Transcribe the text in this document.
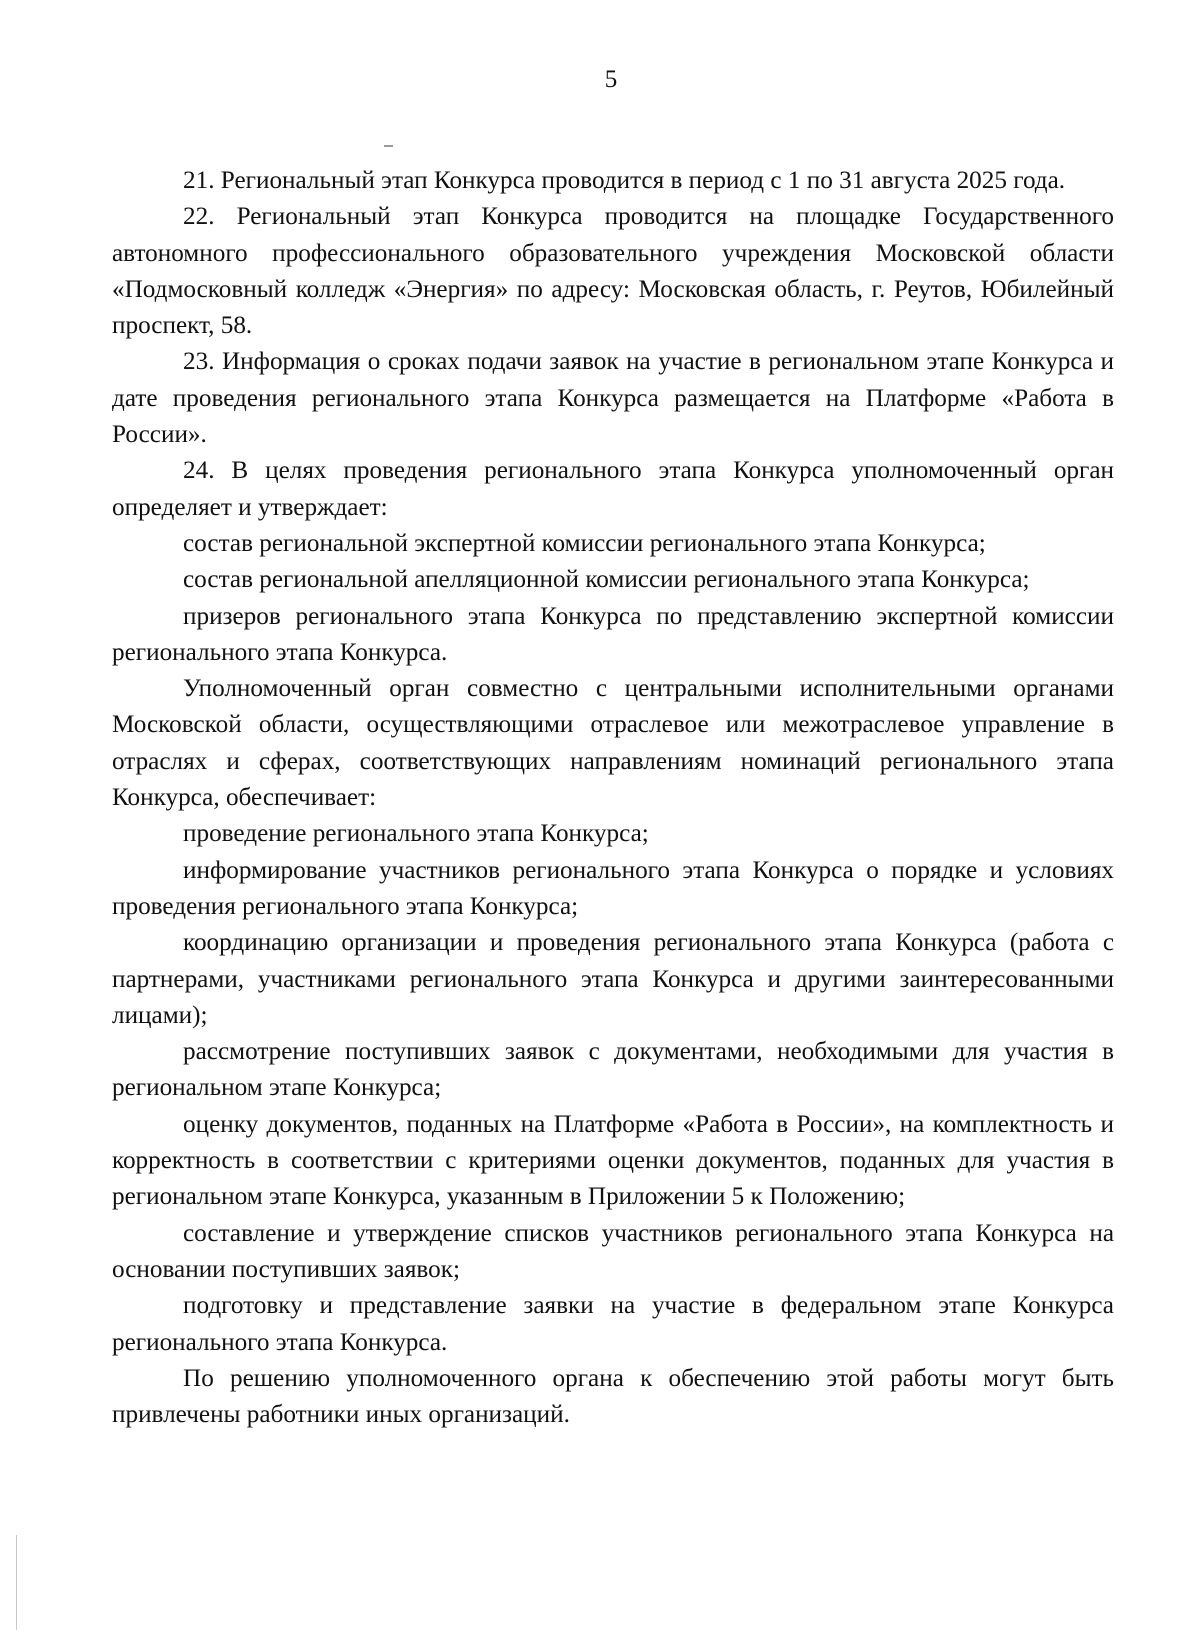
5

21. Региональный этап Конкурса проводится в период с 1 по 31 августа 2025 года.

22. Региональный этап Конкурса проводится на площадке Государственного автономного профессионального образовательного учреждения Московской области «Подмосковный колледж «Энергия» по адресу: Московская область, г. Реутов, Юбилейный проспект, 58.

23. Информация о сроках подачи заявок на участие в региональном этапе Конкурса и дате проведения регионального этапа Конкурса размещается на Платформе «Работа в России».

24. В целях проведения регионального этапа Конкурса уполномоченный орган определяет и утверждает:

состав региональной экспертной комиссии регионального этапа Конкурса;

состав региональной апелляционной комиссии регионального этапа Конкурса;

призеров регионального этапа Конкурса по представлению экспертной комиссии регионального этапа Конкурса.

Уполномоченный орган совместно с центральными исполнительными органами Московской области, осуществляющими отраслевое или межотраслевое управление в отраслях и сферах, соответствующих направлениям номинаций регионального этапа Конкурса, обеспечивает:

проведение регионального этапа Конкурса;

информирование участников регионального этапа Конкурса о порядке и условиях проведения регионального этапа Конкурса;

координацию организации и проведения регионального этапа Конкурса (работа с партнерами, участниками регионального этапа Конкурса и другими заинтересованными лицами);

рассмотрение поступивших заявок с документами, необходимыми для участия в региональном этапе Конкурса;

оценку документов, поданных на Платформе «Работа в России», на комплектность и корректность в соответствии с критериями оценки документов, поданных для участия в региональном этапе Конкурса, указанным в Приложении 5 к Положению;

составление и утверждение списков участников регионального этапа Конкурса на основании поступивших заявок;

подготовку и представление заявки на участие в федеральном этапе Конкурса регионального этапа Конкурса.

По решению уполномоченного органа к обеспечению этой работы могут быть привлечены работники иных организаций.
